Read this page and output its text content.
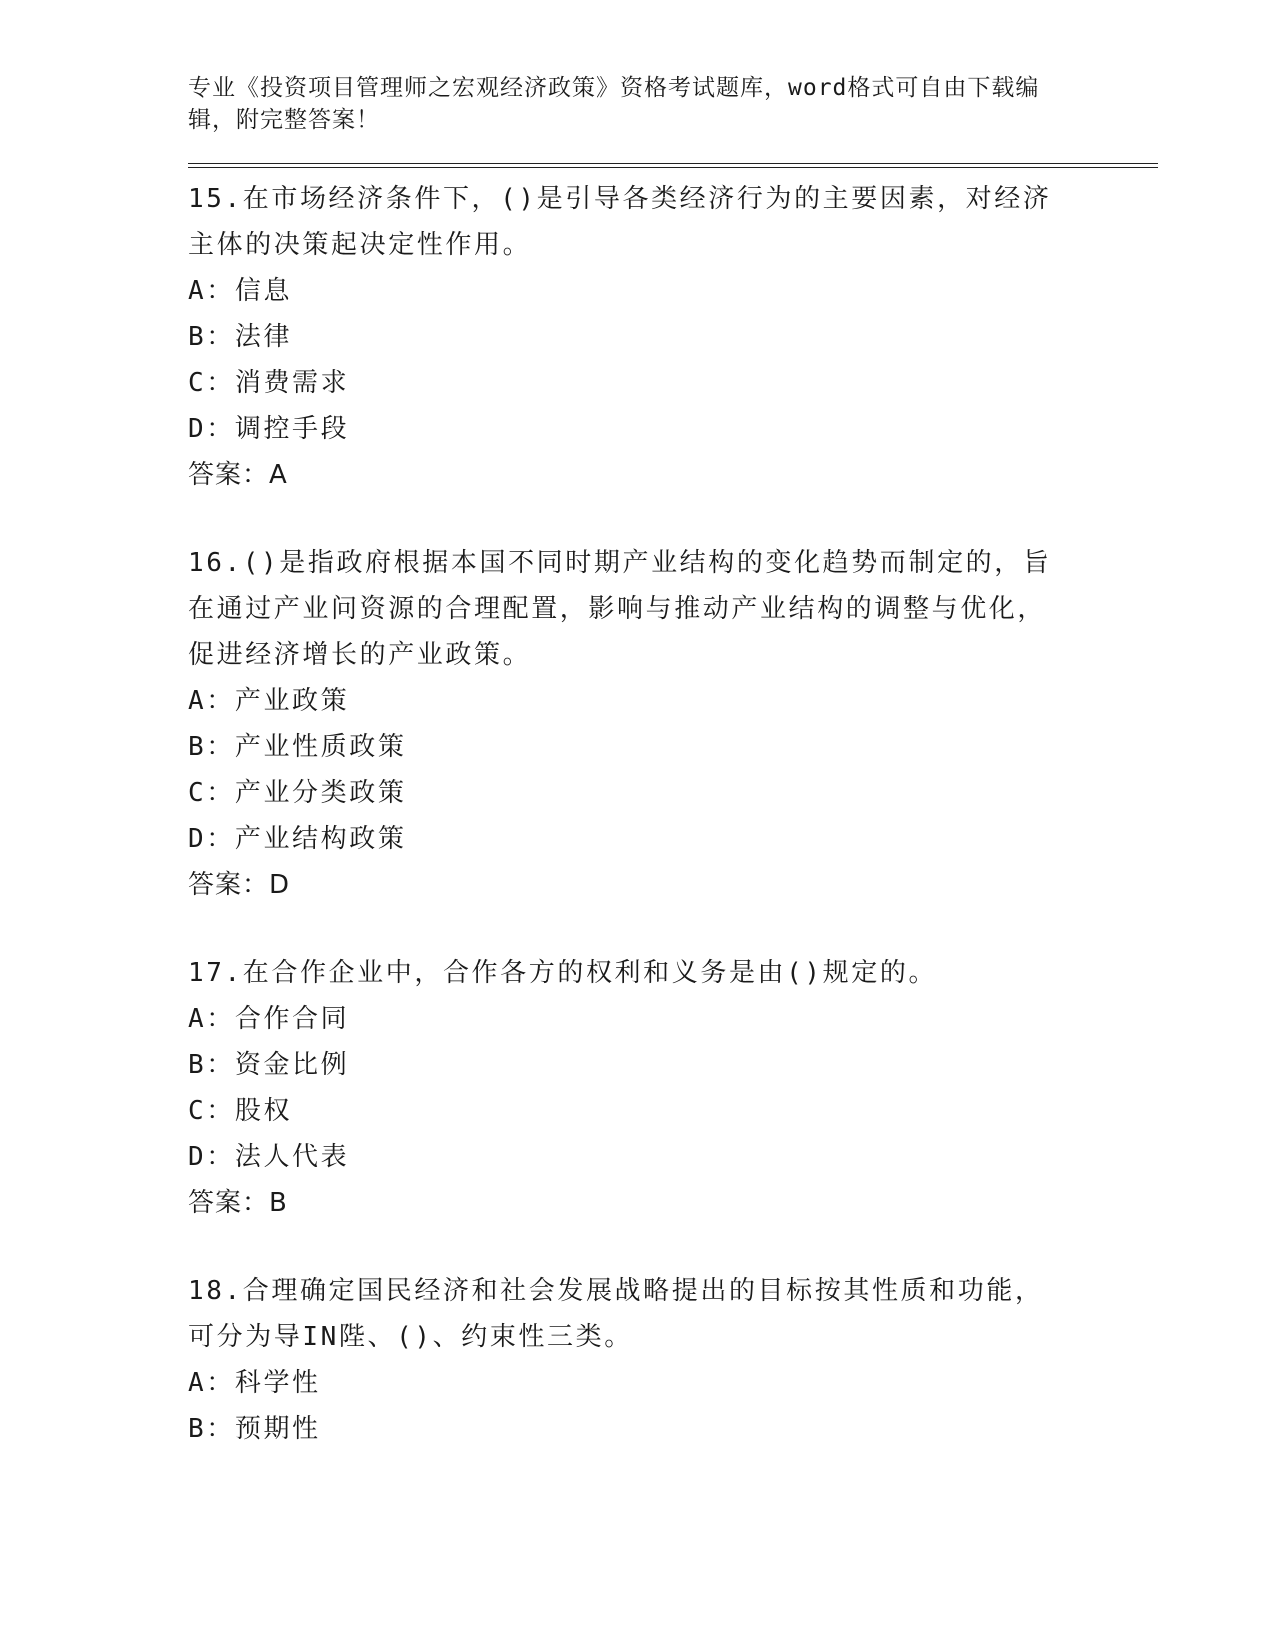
专业《投资项目管理师之宏观经济政策》资格考试题库，word格式可自由下载编辑，附完整答案！

15.在市场经济条件下，()是引导各类经济行为的主要因素，对经济主体的决策起决定性作用。

A：信息

B：法律

C：消费需求

D：调控手段

答案：A

16.()是指政府根据本国不同时期产业结构的变化趋势而制定的，旨在通过产业问资源的合理配置，影响与推动产业结构的调整与优化，促进经济增长的产业政策。

A：产业政策

B：产业性质政策

C：产业分类政策

D：产业结构政策

答案：D

17.在合作企业中，合作各方的权利和义务是由()规定的。

A：合作合同

B：资金比例

C：股权

D：法人代表

答案：B

18.合理确定国民经济和社会发展战略提出的目标按其性质和功能，可分为导IN陛、()、约束性三类。

A：科学性

B：预期性
